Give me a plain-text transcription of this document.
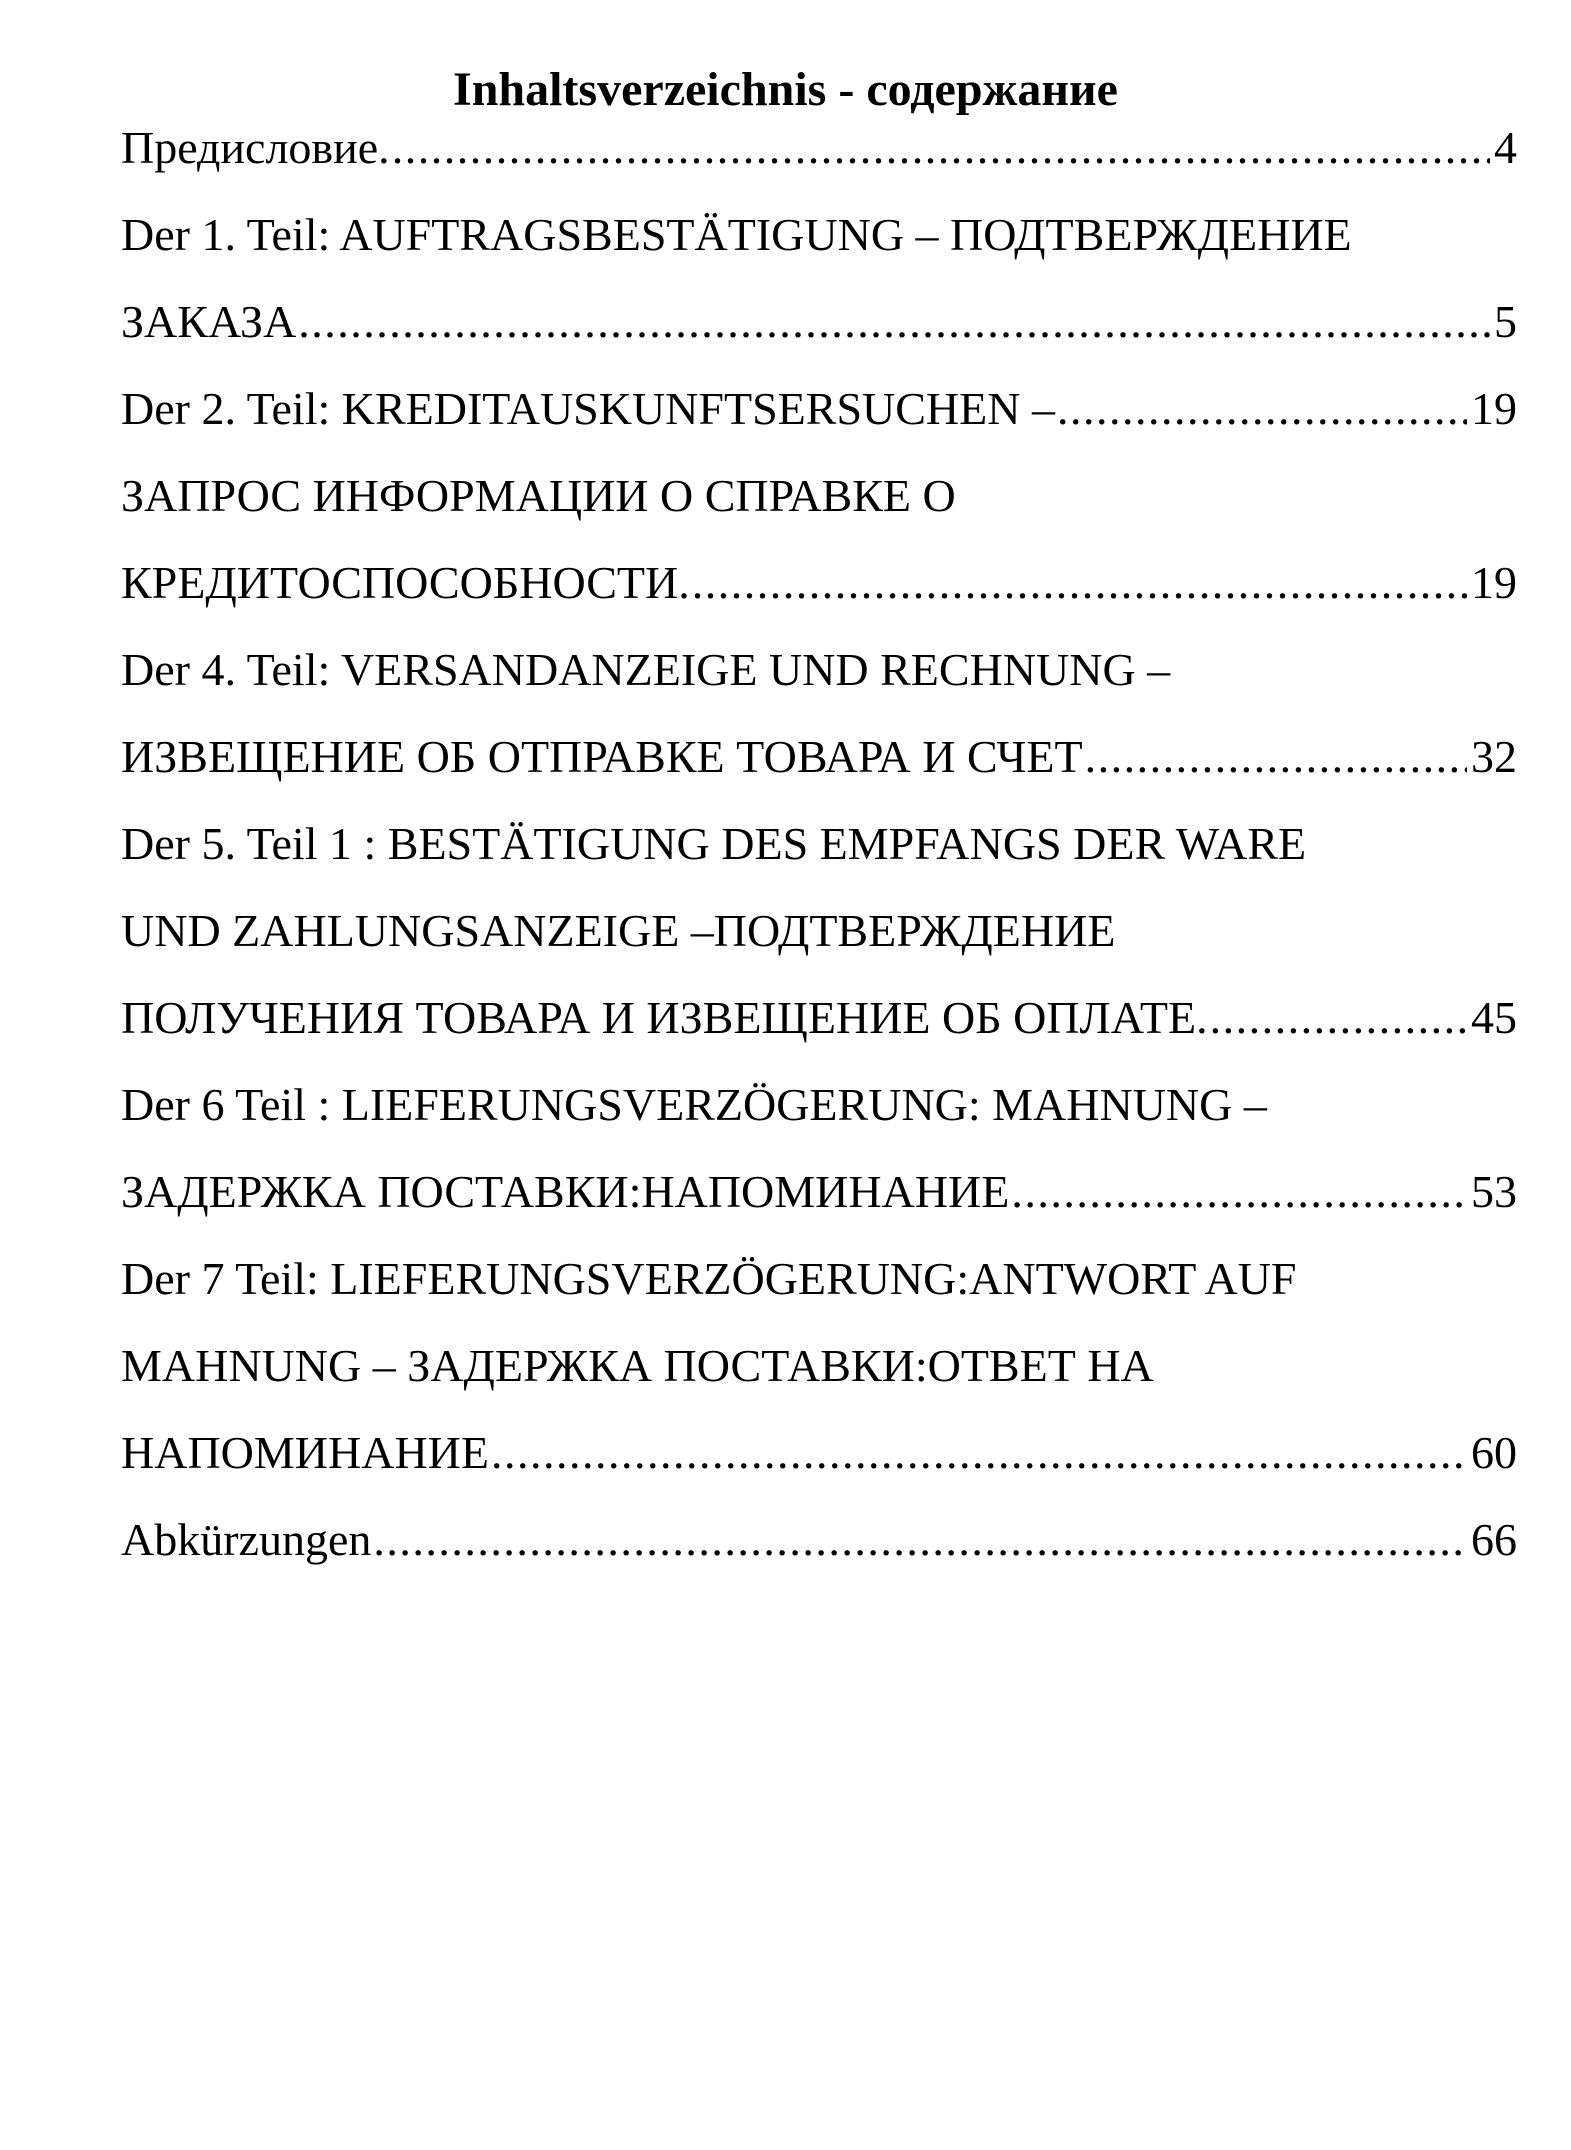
Inhaltsverzeichnis - содержание
Предисловие. .....	4
Der 1. Teil: AUFTRAGSBESTÄTIGUNG – ПОДТВЕРЖДЕНИЕ
ЗАКАЗА .....	5
Der 2. Teil: KREDITAUSKUNFTSERSUCHEN – .....	19
ЗАПРОС ИНФОРМАЦИИ О СПРАВКЕ О
КРЕДИТОСПОСОБНОСТИ. .....	19
Der 4. Teil: VERSANDANZEIGE UND RECHNUNG –
ИЗВЕЩЕНИЕ ОБ ОТПРАВКЕ ТОВАРА И СЧЕТ .....	32
Der 5. Teil 1 : BESTÄTIGUNG DES EMPFANGS DER WARE
UND ZAHLUNGSANZEIGE –ПОДТВЕРЖДЕНИЕ
ПОЛУЧЕНИЯ ТОВАРА И ИЗВЕЩЕНИЕ ОБ ОПЛАТЕ. .....	45
Der 6 Teil : LIEFERUNGSVERZÖGERUNG: MAHNUNG –
ЗАДЕРЖКА ПОСТАВКИ:НАПОМИНАНИЕ .....	53
Der 7 Teil: LIEFERUNGSVERZÖGERUNG:ANTWORT AUF
MAHNUNG – ЗАДЕРЖКА ПОСТАВКИ:ОТВЕТ НА
НАПОМИНАНИЕ .....	60
Abkürzungen .....	66
